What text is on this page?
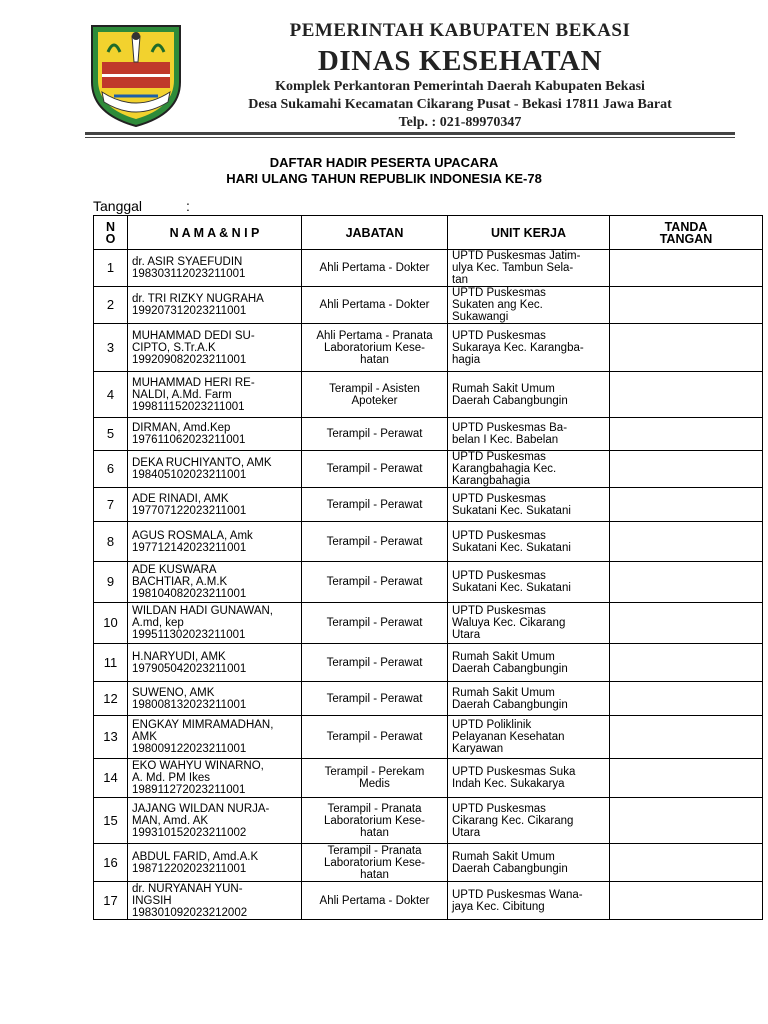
PEMERINTAH KABUPATEN BEKASI
DINAS KESEHATAN
Komplek Perkantoran Pemerintah Daerah Kabupaten Bekasi
Desa Sukamahi Kecamatan Cikarang Pusat - Bekasi 17811 Jawa Barat
Telp. : 021-89970347
DAFTAR HADIR PESERTA UPACARA
HARI ULANG TAHUN REPUBLIK INDONESIA KE-78
Tanggal	:
N
O	N A M A & N I P	JABATAN	UNIT KERJA	TANDA
TANGAN

1	dr. ASIR SYAEFUDIN
198303112023211001	Ahli Pertama - Dokter	UPTD Puskesmas Jatim-
ulya Kec. Tambun Sela-
tan	

2	dr. TRI RIZKY NUGRAHA
199207312023211001	Ahli Pertama - Dokter	UPTD Puskesmas
Sukaten ang Kec.
Sukawangi	

3	MUHAMMAD DEDI SU-
CIPTO, S.Tr.A.K
199209082023211001	Ahli Pertama - Pranata
Laboratorium Kese-
hatan	UPTD Puskesmas
Sukaraya Kec. Karangba-
hagia	

4	MUHAMMAD HERI RE-
NALDI, A.Md. Farm
199811152023211001	Terampil - Asisten
Apoteker	Rumah Sakit Umum
Daerah Cabangbungin	

5	DIRMAN, Amd.Kep
197611062023211001	Terampil - Perawat	UPTD Puskesmas Ba-
belan I Kec. Babelan	

6	DEKA RUCHIYANTO, AMK
198405102023211001	Terampil - Perawat	UPTD Puskesmas
Karangbahagia Kec.
Karangbahagia	

7	ADE RINADI, AMK
197707122023211001	Terampil - Perawat	UPTD Puskesmas
Sukatani Kec. Sukatani	

8	AGUS ROSMALA, Amk
197712142023211001	Terampil - Perawat	UPTD Puskesmas
Sukatani Kec. Sukatani	

9	ADE KUSWARA
BACHTIAR, A.M.K
198104082023211001	Terampil - Perawat	UPTD Puskesmas
Sukatani Kec. Sukatani	

10	WILDAN HADI GUNAWAN,
A.md, kep
199511302023211001	Terampil - Perawat	UPTD Puskesmas
Waluya Kec. Cikarang
Utara	

11	H.NARYUDI, AMK
197905042023211001	Terampil - Perawat	Rumah Sakit Umum
Daerah Cabangbungin	

12	SUWENO, AMK
198008132023211001	Terampil - Perawat	Rumah Sakit Umum
Daerah Cabangbungin	

13	ENGKAY MIMRAMADHAN,
AMK
198009122023211001	Terampil - Perawat	UPTD Poliklinik
Pelayanan Kesehatan
Karyawan	

14	EKO WAHYU WINARNO,
A. Md. PM Ikes
198911272023211001	Terampil - Perekam
Medis	UPTD Puskesmas Suka
Indah Kec. Sukakarya	

15	JAJANG WILDAN NURJA-
MAN, Amd. AK
199310152023211002	Terampil - Pranata
Laboratorium Kese-
hatan	UPTD Puskesmas
Cikarang Kec. Cikarang
Utara	

16	ABDUL FARID, Amd.A.K
198712202023211001	Terampil - Pranata
Laboratorium Kese-
hatan	Rumah Sakit Umum
Daerah Cabangbungin	

17	dr. NURYANAH YUN-
INGSIH
198301092023212002	Ahli Pertama - Dokter	UPTD Puskesmas Wana-
jaya Kec. Cibitung	
